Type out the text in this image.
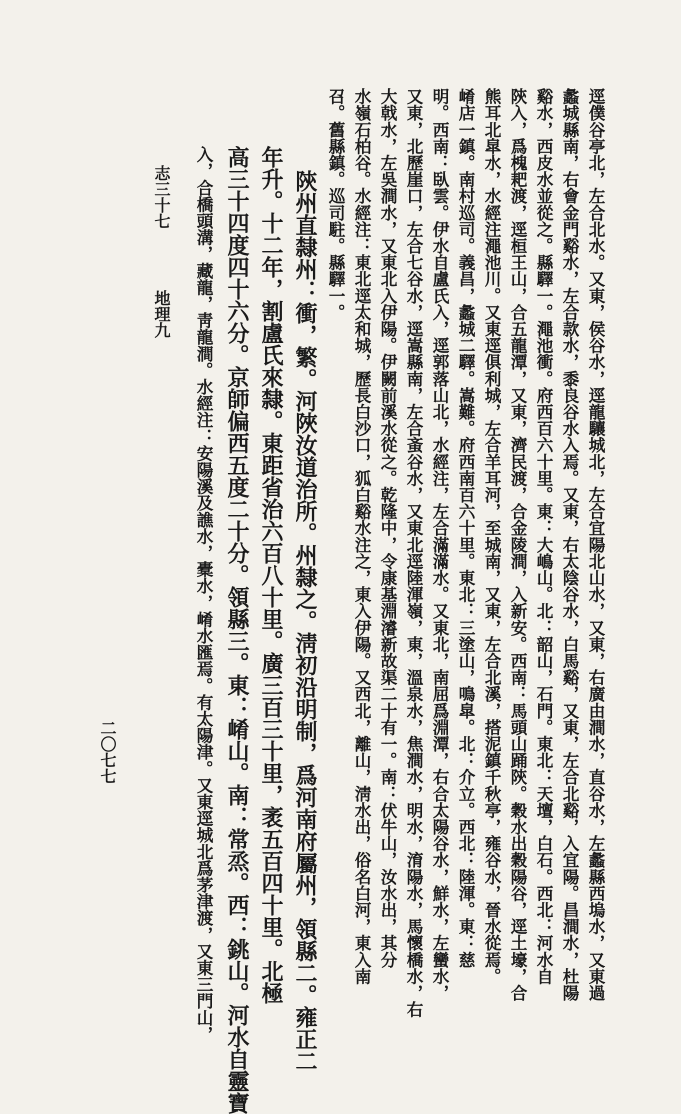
逕僕谷亭北，左合北水。又東，侯谷水，逕龍驤城北，左合宜陽北山水，又東，右廣由澗水，直谷水，左蠡縣西塢水，又東過
蠡城縣南，右會金門谿水，左合款水，黍良谷水入焉。又東，右太陰谷水，白馬谿，又東，左合北谿，入宜陽。昌澗水，杜陽
谿水，西皮水並從之。縣驛一。澠池衝。府西百六十里。東：大嶋山。北：韶山，石門。東北：天壇，白石。西北：河水自
陝入，爲槐耙渡，逕桓王山，合五龍潭，又東，濟民渡，合金陵澗，入新安。西南：馬頭山踊陝。穀水出穀陽谷，逕土壕，合
熊耳北皐水，水經注澠池川。又東逕俱利城，左合羊耳河，至城南，又東，左合北溪，搭泥鎮千秋亭，雍谷水，晉水從焉。
崤店一鎮。南村巡司。義昌，蠡城二驛。嵩難。府西南百六十里。東北：三塗山，鳴皐。北：介立。西北：陸渾。東：慈
明。西南：臥雲。伊水自盧氏入，逕郭落山北，水經注，左合滿滿水。又東北，南屈爲淵潭，右合太陽谷水，鮮水，左蠻水，
又東，北歷崖口，左合七谷水，逕嵩縣南，左合蚉谷水，又東北逕陸渾嶺，東，溫泉水，焦澗水，明水，淯陽水，馬懷橋水，右
大戟水，左吳澗水，又東北入伊陽。伊闕前溪水從之。乾隆中，令康基淵濬新故渠二十有一。南：伏牛山，汝水出，其分
水嶺石柏谷。水經注：東北逕太和城，歷長白沙口，狐白谿水注之，東入伊陽。又西北，離山，淸水出，俗名白河，東入南
召。舊縣鎮。巡司駐。縣驛一。
陝州直隸州：衝，繁。河陜汝道治所。州隸之。淸初沿明制，爲河南府屬州，領縣二。雍正二
年升。十二年，割盧氏來隸。東距省治六百八十里。廣三百三十里，袤五百四十里。北極
高三十四度四十六分。京師偏西五度二十分。領縣三。東：崤山。南：常烝。西：銚山。河水自靈寶
入，合橋頭溝，藏龍，靑龍澗。水經注：安陽溪及譙水，橐水，崤水匯焉。有太陽津。又東逕城北爲茅津渡，又東三門山，
志三十七
地理九
二〇七七
